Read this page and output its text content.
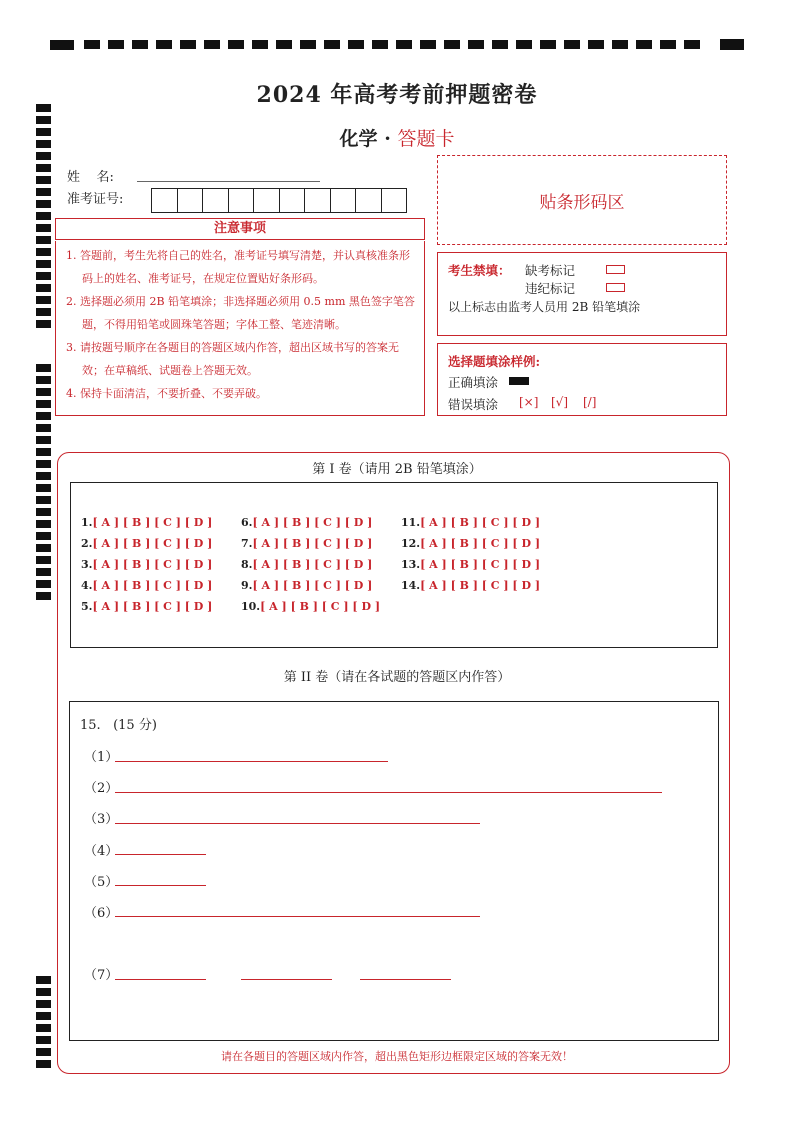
2024 年高考考前押题密卷
化学 · 答题卡
姓    名:
准考证号:	贴条形码区
注意事项

1. 答题前，考生先将自己的姓名，准考证号填写清楚，并认真核准条形码上的姓名、准考证号，在规定位置贴好条形码。

2. 选择题必须用 2B 铅笔填涂；非选择题必须用 0.5 mm 黑色签字笔答题，不得用铅笔或圆珠笔答题；字体工整、笔迹清晰。

3. 请按题号顺序在各题目的答题区域内作答，超出区域书写的答案无效；在草稿纸、试题卷上答题无效。

4. 保持卡面清洁，不要折叠、不要弄破。

考生禁填： 缺考标记
违纪标记
以上标志由监考人员用 2B 铅笔填涂
选择题填涂样例:
正确填涂
错误填涂 [×] [√] [/]
第 I 卷（请用 2B 铅笔填涂）
1.[ A ] [ B ] [ C ] [ D ]
2.[ A ] [ B ] [ C ] [ D ]
3.[ A ] [ B ] [ C ] [ D ]
4.[ A ] [ B ] [ C ] [ D ]
5.[ A ] [ B ] [ C ] [ D ]
6.[ A ] [ B ] [ C ] [ D ]
7.[ A ] [ B ] [ C ] [ D ]
8.[ A ] [ B ] [ C ] [ D ]
9.[ A ] [ B ] [ C ] [ D ]
10.[ A ] [ B ] [ C ] [ D ]
11.[ A ] [ B ] [ C ] [ D ]
12.[ A ] [ B ] [ C ] [ D ]
13.[ A ] [ B ] [ C ] [ D ]
14.[ A ] [ B ] [ C ] [ D ]
第 II 卷（请在各试题的答题区内作答）
15.   (15 分)
（1）
（2）
（3）
（4）
（5）
（6）
（7）
请在各题目的答题区域内作答，超出黑色矩形边框限定区域的答案无效！
